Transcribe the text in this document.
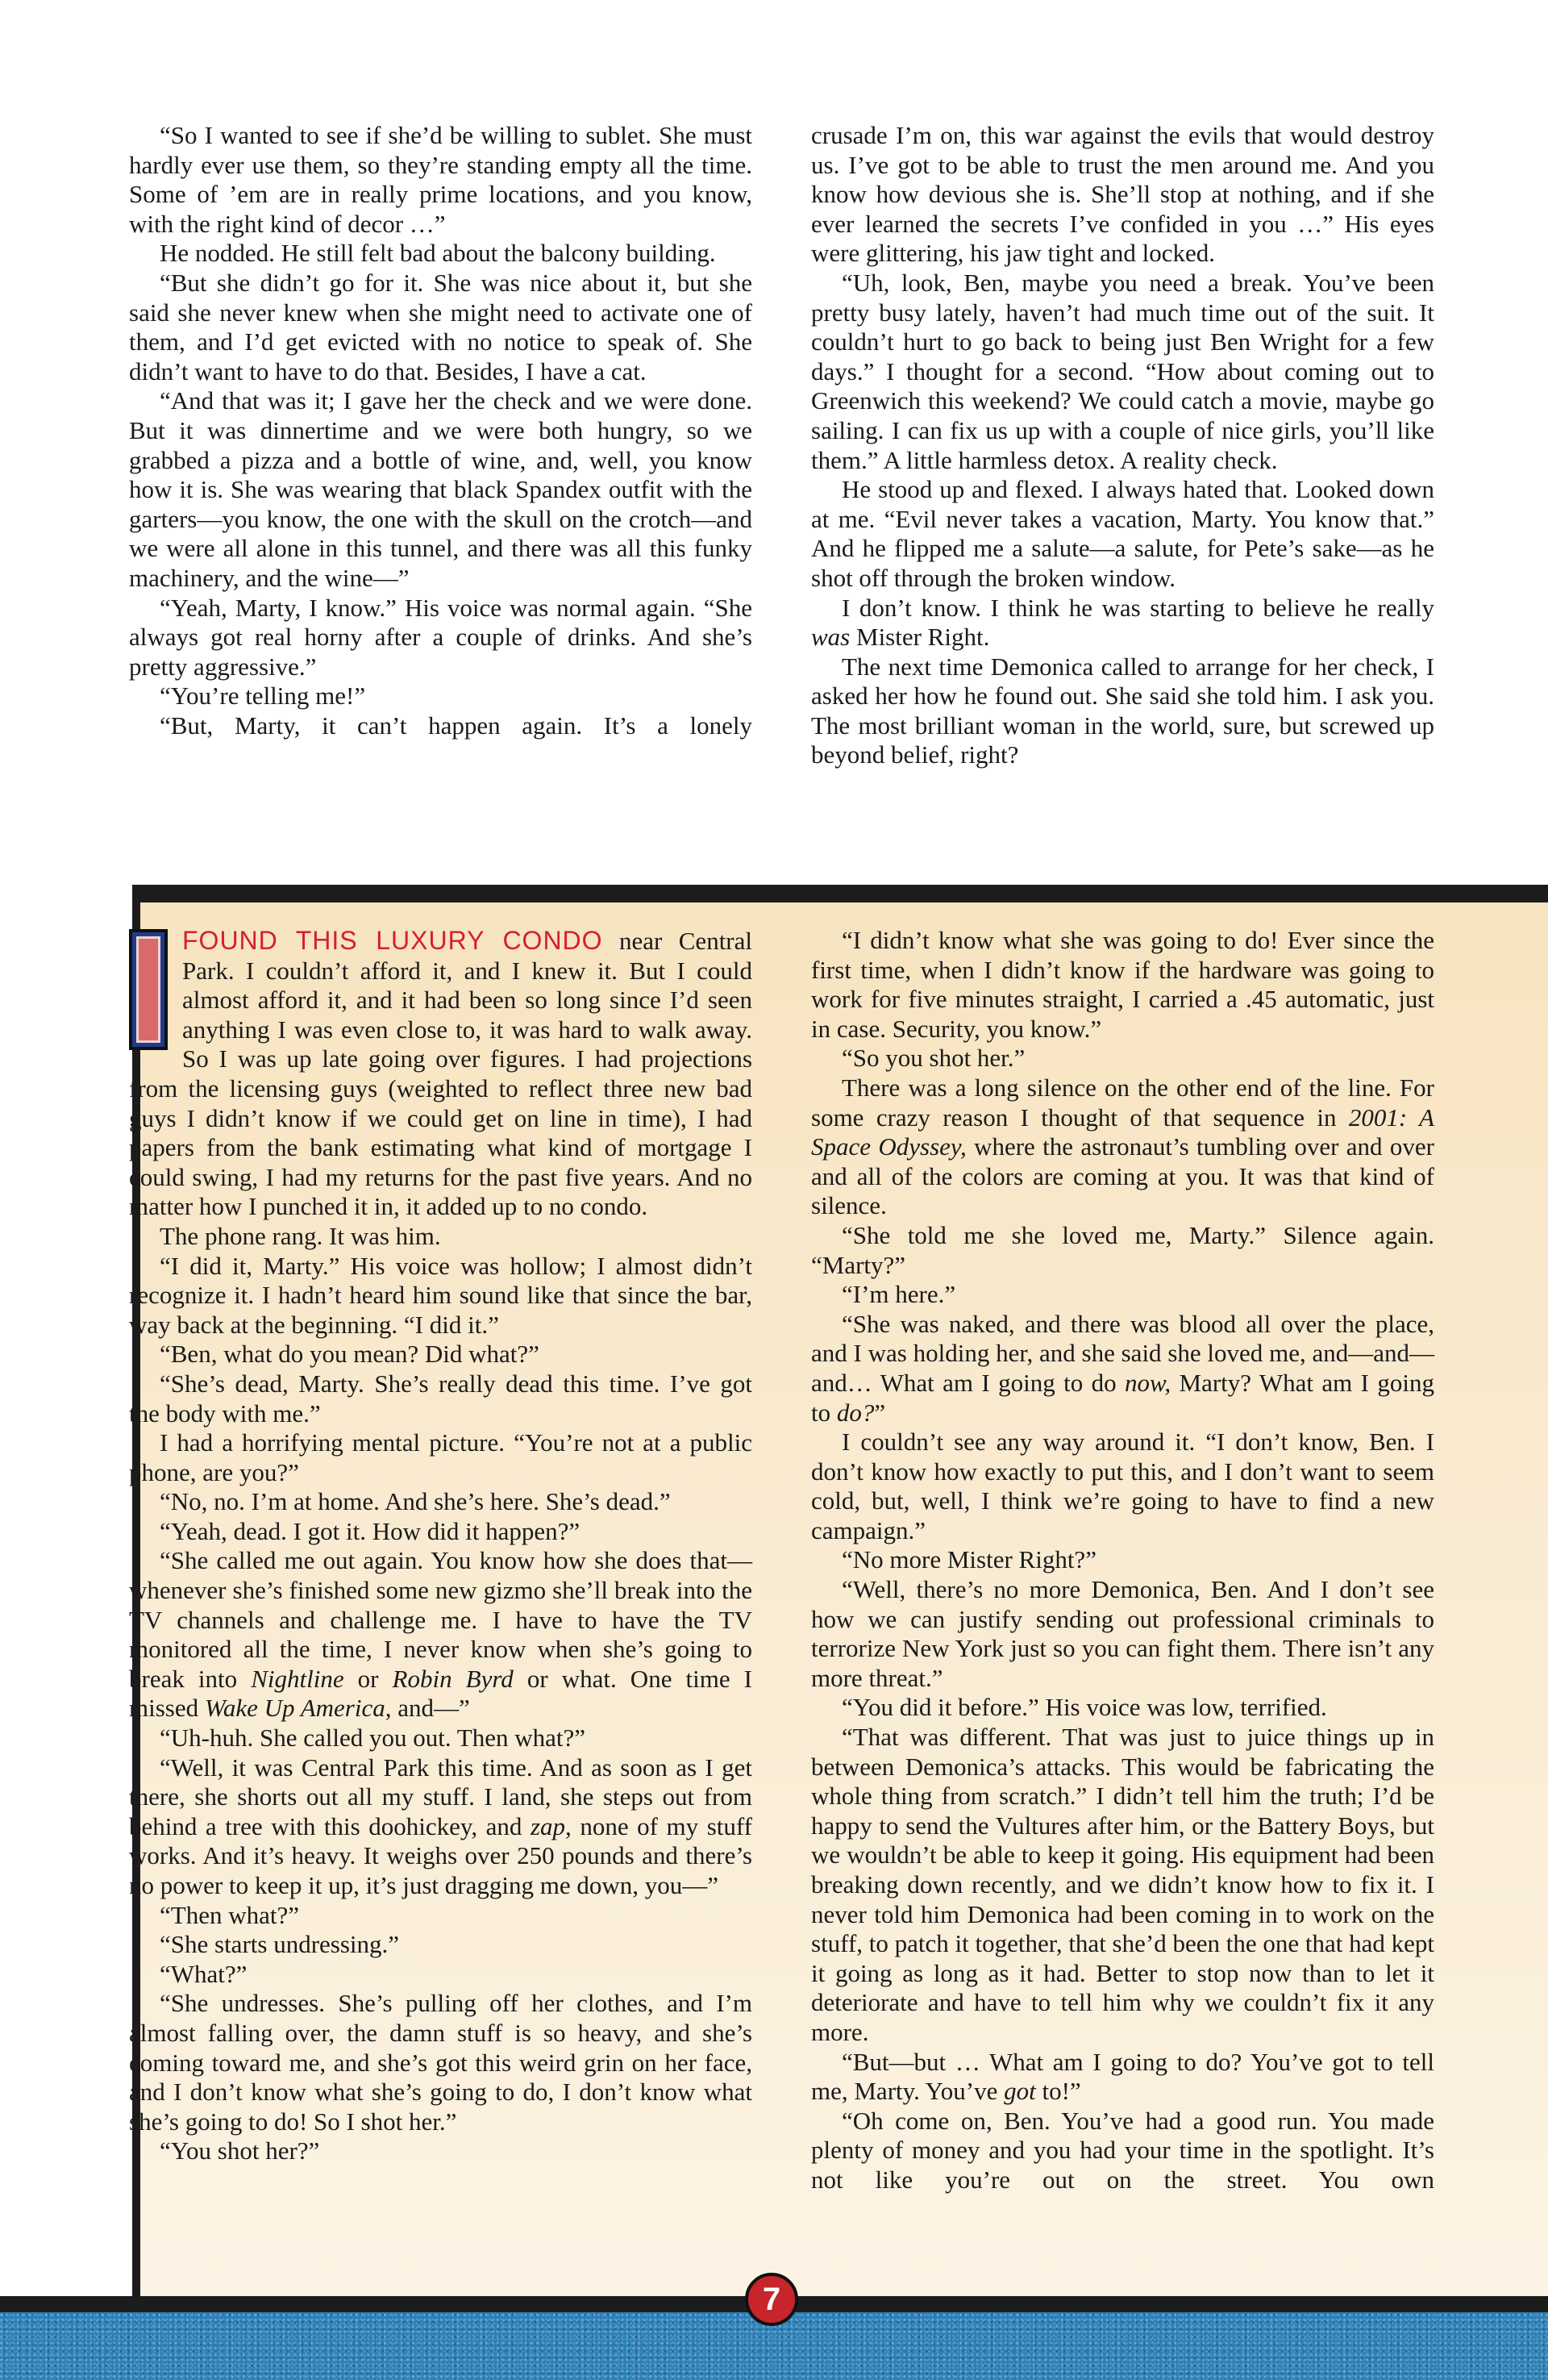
“So I wanted to see if she’d be willing to sublet. She must hardly ever use them, so they’re standing empty all the time. Some of ’em are in really prime locations, and you know, with the right kind of decor …”

He nodded. He still felt bad about the balcony building.

“But she didn’t go for it. She was nice about it, but she said she never knew when she might need to activate one of them, and I’d get evicted with no notice to speak of. She didn’t want to have to do that. Besides, I have a cat.

“And that was it; I gave her the check and we were done. But it was dinnertime and we were both hungry, so we grabbed a pizza and a bottle of wine, and, well, you know how it is. She was wearing that black Spandex outfit with the garters—you know, the one with the skull on the crotch—and we were all alone in this tunnel, and there was all this funky machinery, and the wine—”

“Yeah, Marty, I know.” His voice was normal again. “She always got real horny after a couple of drinks. And she’s pretty aggressive.”

“You’re telling me!”

“But, Marty, it can’t happen again. It’s a lonely

crusade I’m on, this war against the evils that would destroy us. I’ve got to be able to trust the men around me. And you know how devious she is. She’ll stop at nothing, and if she ever learned the secrets I’ve confided in you …” His eyes were glittering, his jaw tight and locked.

“Uh, look, Ben, maybe you need a break. You’ve been pretty busy lately, haven’t had much time out of the suit. It couldn’t hurt to go back to being just Ben Wright for a few days.” I thought for a second. “How about coming out to Greenwich this weekend? We could catch a movie, maybe go sailing. I can fix us up with a couple of nice girls, you’ll like them.” A little harmless detox. A reality check.

He stood up and flexed. I always hated that. Looked down at me. “Evil never takes a vacation, Marty. You know that.” And he flipped me a salute—a salute, for Pete’s sake—as he shot off through the broken window.

I don’t know. I think he was starting to believe he really was Mister Right.

The next time Demonica called to arrange for her check, I asked her how he found out. She said she told him. I ask you. The most brilliant woman in the world, sure, but screwed up beyond belief, right?

FOUND THIS LUXURY CONDO near Central Park. I couldn’t afford it, and I knew it. But I could almost afford it, and it had been so long since I’d seen anything I was even close to, it was hard to walk away. So I was up late going over figures. I had projections from the licensing guys (weighted to reflect three new bad guys I didn’t know if we could get on line in time), I had papers from the bank estimating what kind of mortgage I could swing, I had my returns for the past five years. And no matter how I punched it in, it added up to no condo.

The phone rang. It was him.

“I did it, Marty.” His voice was hollow; I almost didn’t recognize it. I hadn’t heard him sound like that since the bar, way back at the beginning. “I did it.”

“Ben, what do you mean? Did what?”

“She’s dead, Marty. She’s really dead this time. I’ve got the body with me.”

I had a horrifying mental picture. “You’re not at a public phone, are you?”

“No, no. I’m at home. And she’s here. She’s dead.”

“Yeah, dead. I got it. How did it happen?”

“She called me out again. You know how she does that—whenever she’s finished some new gizmo she’ll break into the TV channels and challenge me. I have to have the TV monitored all the time, I never know when she’s going to break into Nightline or Robin Byrd or what. One time I missed Wake Up America, and—”

“Uh-huh. She called you out. Then what?”

“Well, it was Central Park this time. And as soon as I get there, she shorts out all my stuff. I land, she steps out from behind a tree with this doohickey, and zap, none of my stuff works. And it’s heavy. It weighs over 250 pounds and there’s no power to keep it up, it’s just dragging me down, you—”

“Then what?”

“She starts undressing.”

“What?”

“She undresses. She’s pulling off her clothes, and I’m almost falling over, the damn stuff is so heavy, and she’s coming toward me, and she’s got this weird grin on her face, and I don’t know what she’s going to do, I don’t know what she’s going to do! So I shot her.”

“You shot her?”

“I didn’t know what she was going to do! Ever since the first time, when I didn’t know if the hardware was going to work for five minutes straight, I carried a .45 automatic, just in case. Security, you know.”

“So you shot her.”

There was a long silence on the other end of the line. For some crazy reason I thought of that sequence in 2001: A Space Odyssey, where the astronaut’s tumbling over and over and all of the colors are coming at you. It was that kind of silence.

“She told me she loved me, Marty.” Silence again. “Marty?”

“I’m here.”

“She was naked, and there was blood all over the place, and I was holding her, and she said she loved me, and—and—and… What am I going to do now, Marty? What am I going to do?”

I couldn’t see any way around it. “I don’t know, Ben. I don’t know how exactly to put this, and I don’t want to seem cold, but, well, I think we’re going to have to find a new campaign.”

“No more Mister Right?”

“Well, there’s no more Demonica, Ben. And I don’t see how we can justify sending out professional criminals to terrorize New York just so you can fight them. There isn’t any more threat.”

“You did it before.” His voice was low, terrified.

“That was different. That was just to juice things up in between Demonica’s attacks. This would be fabricating the whole thing from scratch.” I didn’t tell him the truth; I’d be happy to send the Vultures after him, or the Battery Boys, but we wouldn’t be able to keep it going. His equipment had been breaking down recently, and we didn’t know how to fix it. I never told him Demonica had been coming in to work on the stuff, to patch it together, that she’d been the one that had kept it going as long as it had. Better to stop now than to let it deteriorate and have to tell him why we couldn’t fix it any more.

“But—but … What am I going to do? You’ve got to tell me, Marty. You’ve got to!”

“Oh come on, Ben. You’ve had a good run. You made plenty of money and you had your time in the spotlight. It’s not like you’re out on the street. You own

7
